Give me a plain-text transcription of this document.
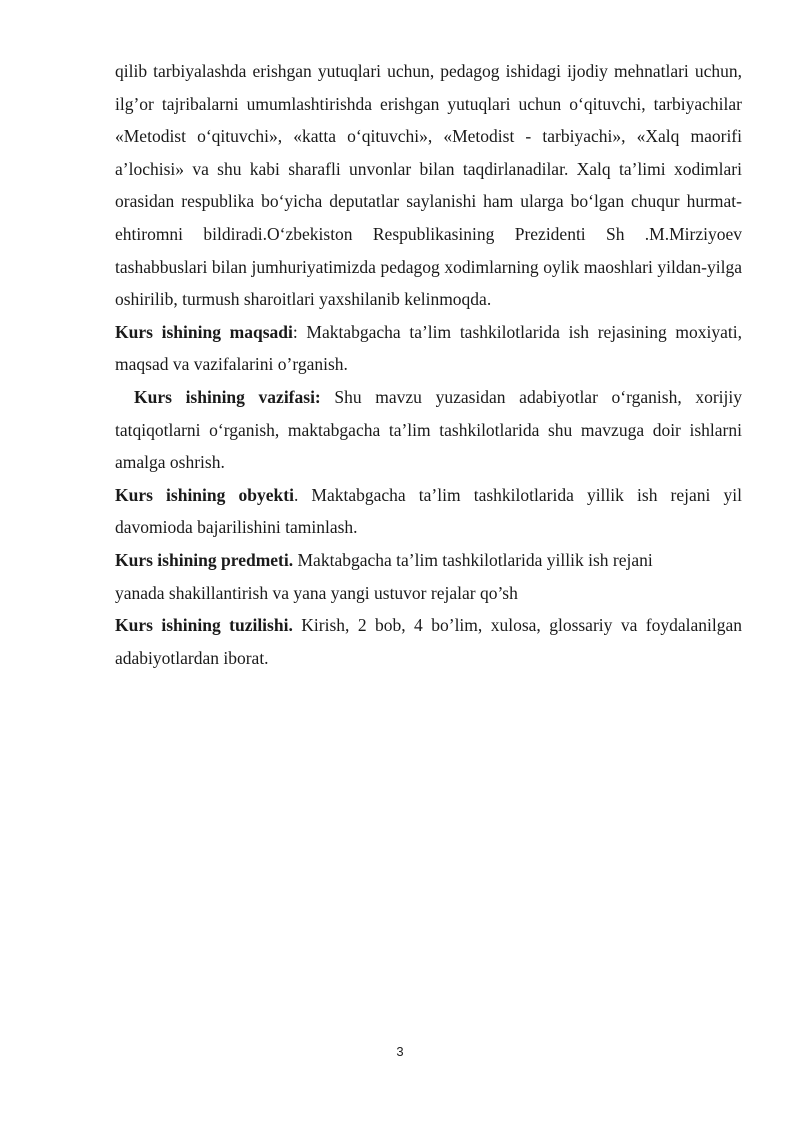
qilib tarbiyalashda erishgan yutuqlari uchun, pedagog ishidagi ijodiy mehnatlari uchun, ilg’or tajribalarni umumlashtirishda erishgan yutuqlari uchun o‘qituvchi, tarbiyachilar «Metodist o‘qituvchi», «katta o‘qituvchi», «Metodist - tarbiyachi», «Xalq maorifi a’lochisi» va shu kabi sharafli unvonlar bilan taqdirlanadilar. Xalq ta’limi xodimlari orasidan respublika bo‘yicha deputatlar saylanishi ham ularga bo‘lgan chuqur hurmat-ehtiromni bildiradi.O‘zbekiston Respublikasining Prezidenti Sh .M.Mirziyoev tashabbuslari bilan jumhuriyatimizda pedagog xodimlarning oylik maoshlari yildan-yilga oshirilib, turmush sharoitlari yaxshilanib kelinmoqda.

Kurs ishining maqsadi: Maktabgacha ta’lim tashkilotlarida ish rejasining moxiyati, maqsad va vazifalarini o’rganish.

Kurs ishining vazifasi: Shu mavzu yuzasidan adabiyotlar o‘rganish, xorijiy tatqiqotlarni o‘rganish, maktabgacha ta’lim tashkilotlarida shu mavzuga doir ishlarni amalga oshrish.

Kurs ishining obyekti. Maktabgacha ta’lim tashkilotlarida yillik ish rejani yil davomioda bajarilishini taminlash.

Kurs ishining predmeti. Maktabgacha ta’lim tashkilotlarida yillik ish rejani
yanada shakillantirish va yana yangi ustuvor rejalar qo’sh

Kurs ishining tuzilishi. Kirish, 2 bob, 4 bo’lim, xulosa, glossariy va foydalanilgan adabiyotlardan iborat.

3
